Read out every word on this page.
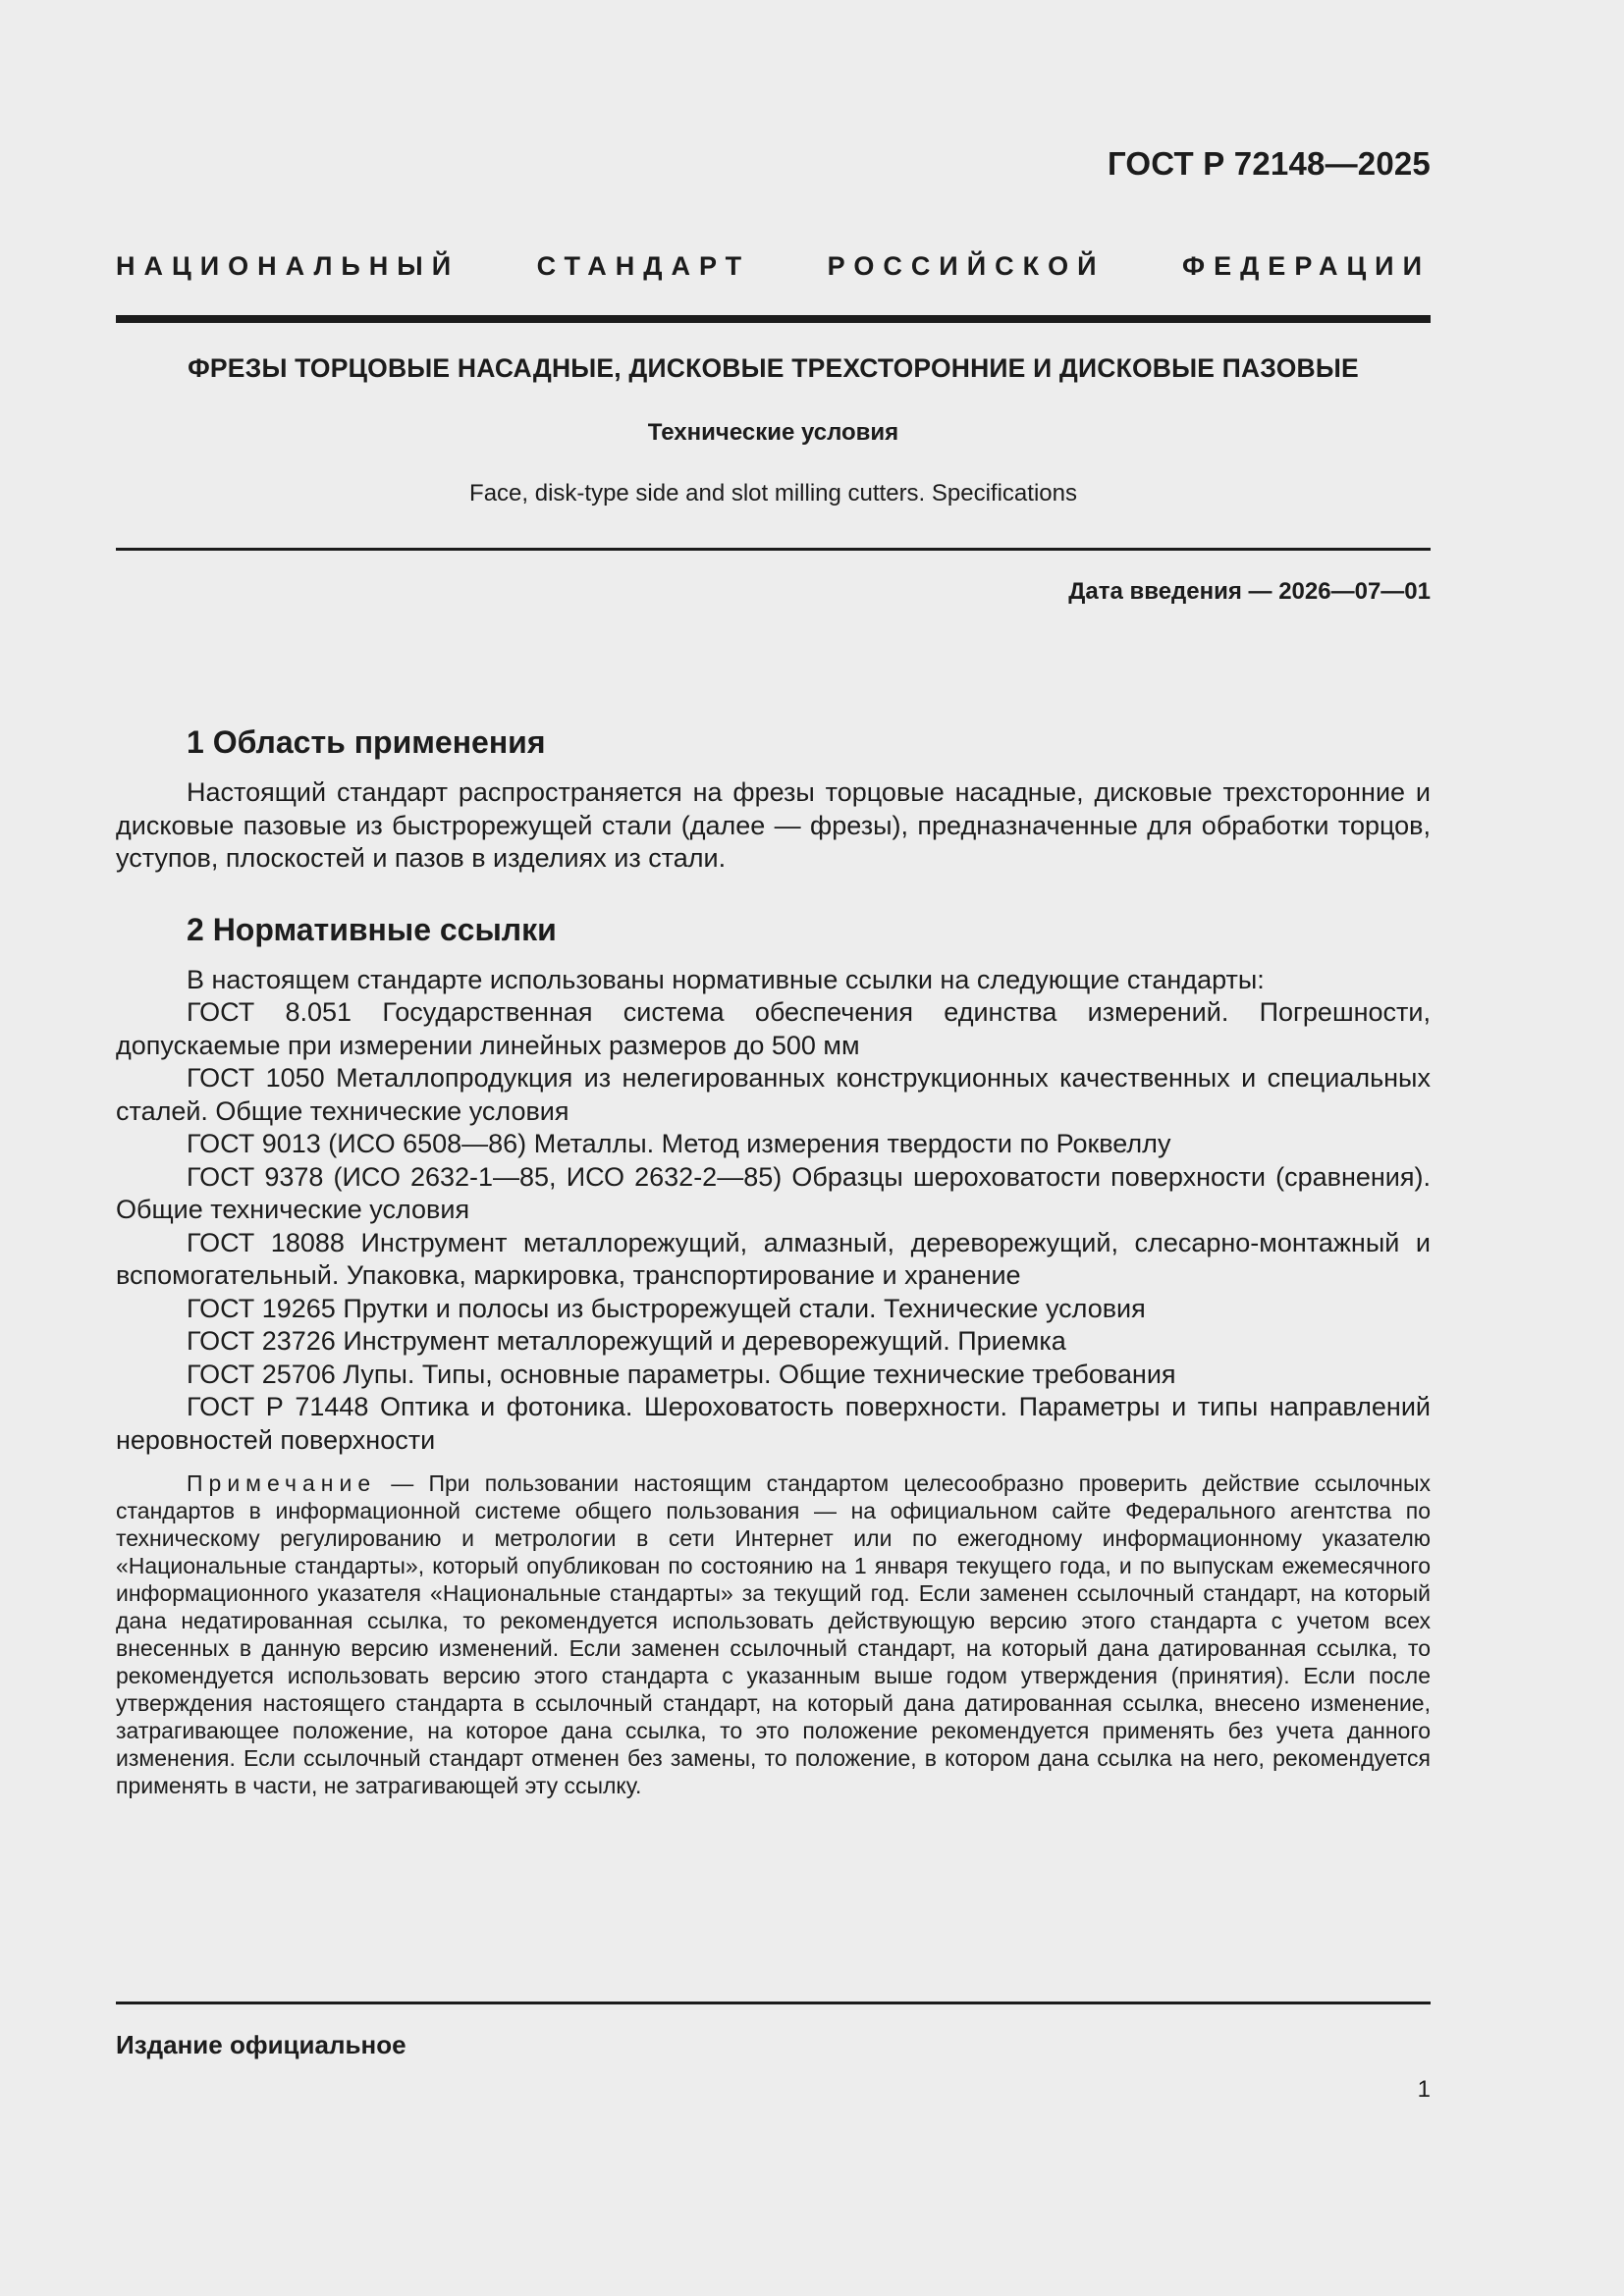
ГОСТ Р 72148—2025
НАЦИОНАЛЬНЫЙ СТАНДАРТ РОССИЙСКОЙ ФЕДЕРАЦИИ
ФРЕЗЫ ТОРЦОВЫЕ НАСАДНЫЕ, ДИСКОВЫЕ ТРЕХСТОРОННИЕ И ДИСКОВЫЕ ПАЗОВЫЕ
Технические условия
Face, disk-type side and slot milling cutters. Specifications
Дата введения — 2026—07—01
1 Область применения

Настоящий стандарт распространяется на фрезы торцовые насадные, дисковые трехсторонние и дисковые пазовые из быстрорежущей стали (далее — фрезы), предназначенные для обработки торцов, уступов, плоскостей и пазов в изделиях из стали.

2 Нормативные ссылки

В настоящем стандарте использованы нормативные ссылки на следующие стандарты:

ГОСТ 8.051 Государственная система обеспечения единства измерений. Погрешности, допускаемые при измерении линейных размеров до 500 мм

ГОСТ 1050 Металлопродукция из нелегированных конструкционных качественных и специальных сталей. Общие технические условия

ГОСТ 9013 (ИСО 6508—86) Металлы. Метод измерения твердости по Роквеллу

ГОСТ 9378 (ИСО 2632-1—85, ИСО 2632-2—85) Образцы шероховатости поверхности (сравнения). Общие технические условия

ГОСТ 18088 Инструмент металлорежущий, алмазный, дереворежущий, слесарно-монтажный и вспомогательный. Упаковка, маркировка, транспортирование и хранение

ГОСТ 19265 Прутки и полосы из быстрорежущей стали. Технические условия

ГОСТ 23726 Инструмент металлорежущий и дереворежущий. Приемка

ГОСТ 25706 Лупы. Типы, основные параметры. Общие технические требования

ГОСТ Р 71448 Оптика и фотоника. Шероховатость поверхности. Параметры и типы направлений неровностей поверхности

Примечание — При пользовании настоящим стандартом целесообразно проверить действие ссылочных стандартов в информационной системе общего пользования — на официальном сайте Федерального агентства по техническому регулированию и метрологии в сети Интернет или по ежегодному информационному указателю «Национальные стандарты», который опубликован по состоянию на 1 января текущего года, и по выпускам ежемесячного информационного указателя «Национальные стандарты» за текущий год. Если заменен ссылочный стандарт, на который дана недатированная ссылка, то рекомендуется использовать действующую версию этого стандарта с учетом всех внесенных в данную версию изменений. Если заменен ссылочный стандарт, на который дана датированная ссылка, то рекомендуется использовать версию этого стандарта с указанным выше годом утверждения (принятия). Если после утверждения настоящего стандарта в ссылочный стандарт, на который дана датированная ссылка, внесено изменение, затрагивающее положение, на которое дана ссылка, то это положение рекомендуется применять без учета данного изменения. Если ссылочный стандарт отменен без замены, то положение, в котором дана ссылка на него, рекомендуется применять в части, не затрагивающей эту ссылку.

Издание официальное
1
